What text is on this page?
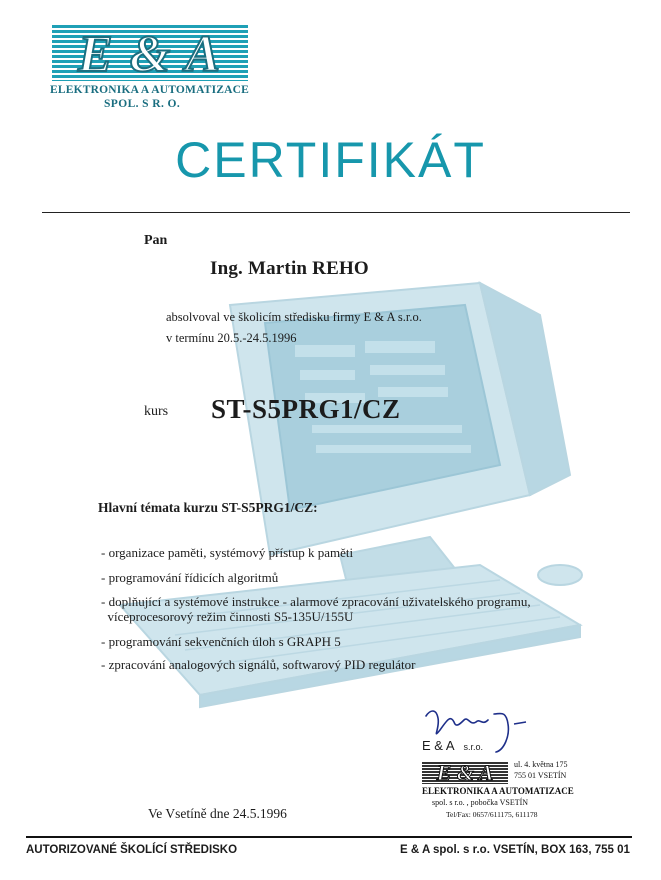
E & A
ELEKTRONIKA A AUTOMATIZACE
SPOL. S R. O.
CERTIFIKÁT
Pan
Ing. Martin REHO
absolvoval ve školicím středisku firmy E & A s.r.o.
v termínu 20.5.-24.5.1996
kurs ST-S5PRG1/CZ
Hlavní témata kurzu ST-S5PRG1/CZ:
- organizace paměti, systémový přístup k paměti
- programování řídicích algoritmů
- doplňující a systémové instrukce - alarmové zpracování uživatelského programu,
víceprocesorový režim činnosti S5-135U/155U
- programování sekvenčních úloh s GRAPH 5
- zpracování analogových signálů, softwarový PID regulátor
E & A s.r.o.
E & A	ul. 4. května 175
755 01 VSETÍN
ELEKTRONIKA A AUTOMATIZACE
spol. s r.o. , pobočka VSETÍN
Tel/Fax: 0657/611175, 611178
Ve Vsetíně dne 24.5.1996
AUTORIZOVANÉ ŠKOLÍCÍ STŘEDISKO	E & A spol. s r.o. VSETÍN, BOX 163, 755 01
